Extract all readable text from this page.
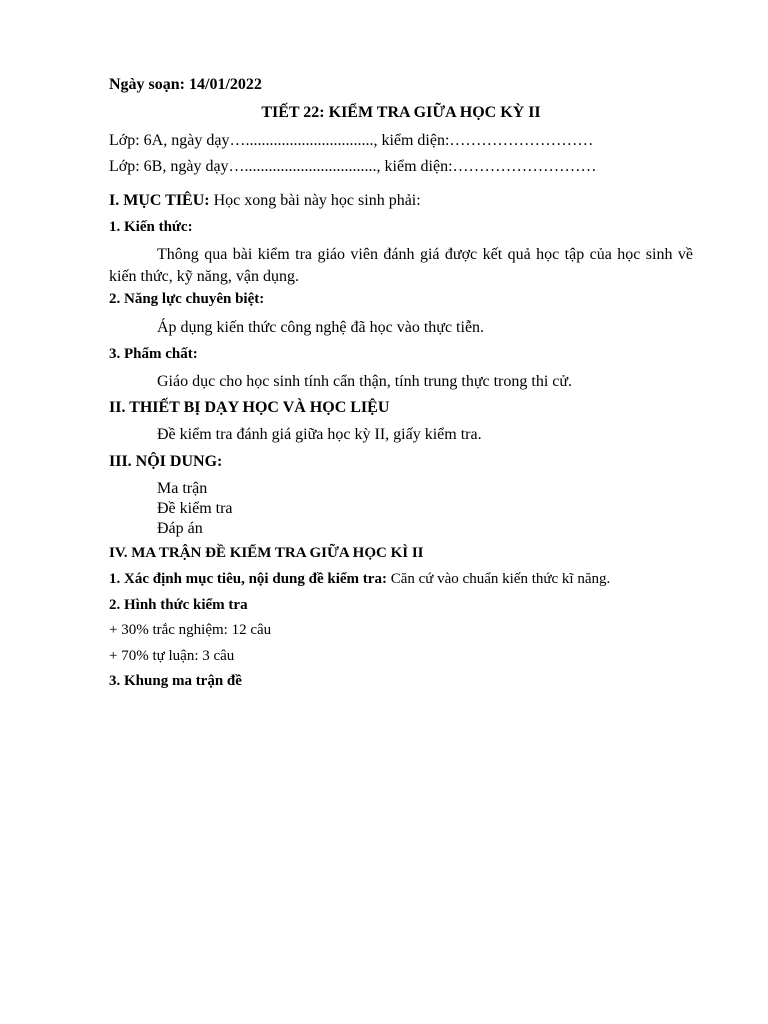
Ngày soạn: 14/01/2022
TIẾT 22: KIỂM TRA GIỮA HỌC KỲ II
Lớp: 6A, ngày dạy…................................, kiểm diện:………………………
Lớp: 6B, ngày dạy…................................., kiểm diện:………………………
I. MỤC TIÊU: Học xong bài này học sinh phải:
1. Kiến thức:
Thông qua bài kiểm tra giáo viên đánh giá được kết quả học tập của học sinh về kiến thức, kỹ năng, vận dụng.
2. Năng lực chuyên biệt:
Áp dụng kiến thức công nghệ đã học vào thực tiễn.
3. Phẩm chất:
Giáo dục cho học sinh tính cẩn thận, tính trung thực trong thi cử.
II. THIẾT BỊ DẠY HỌC VÀ HỌC LIỆU
Đề kiểm tra đánh giá giữa học kỳ II, giấy kiểm tra.
III. NỘI DUNG:
Ma trận
Đề kiểm tra
Đáp án
IV. MA TRẬN ĐỀ KIỂM TRA GIỮA HỌC KÌ II
1. Xác định mục tiêu, nội dung đề kiểm tra: Căn cứ vào chuẩn kiến thức kĩ năng.
2. Hình thức kiểm tra
+ 30% trắc nghiệm: 12 câu
+ 70% tự luận: 3 câu
3. Khung ma trận đề
